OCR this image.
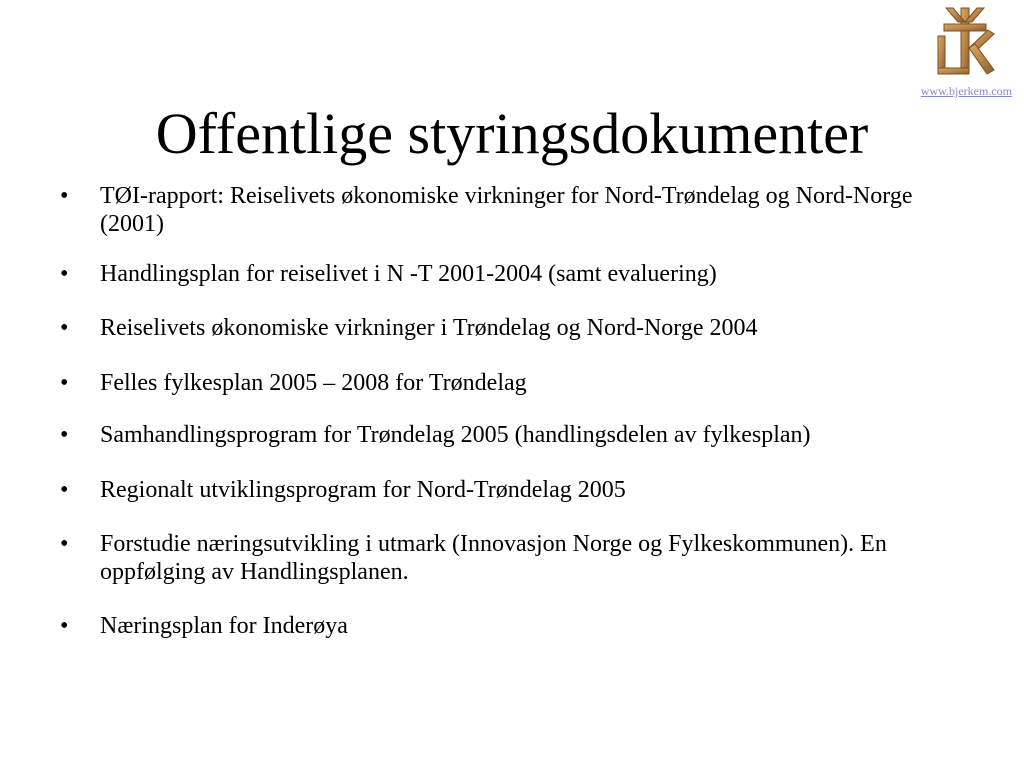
www.bjerkem.com
Offentlige styringsdokumenter
• TØI-rapport: Reiselivets økonomiske virkninger for Nord-Trøndelag og Nord-Norge (2001)
• Handlingsplan for reiselivet i N -T 2001-2004 (samt evaluering)
• Reiselivets økonomiske virkninger i Trøndelag og Nord-Norge 2004
• Felles fylkesplan 2005 – 2008 for Trøndelag
• Samhandlingsprogram for Trøndelag 2005 (handlingsdelen av fylkesplan)
• Regionalt utviklingsprogram for Nord-Trøndelag 2005
• Forstudie næringsutvikling i utmark (Innovasjon Norge og Fylkeskommunen). En oppfølging av Handlingsplanen.
• Næringsplan for Inderøya
